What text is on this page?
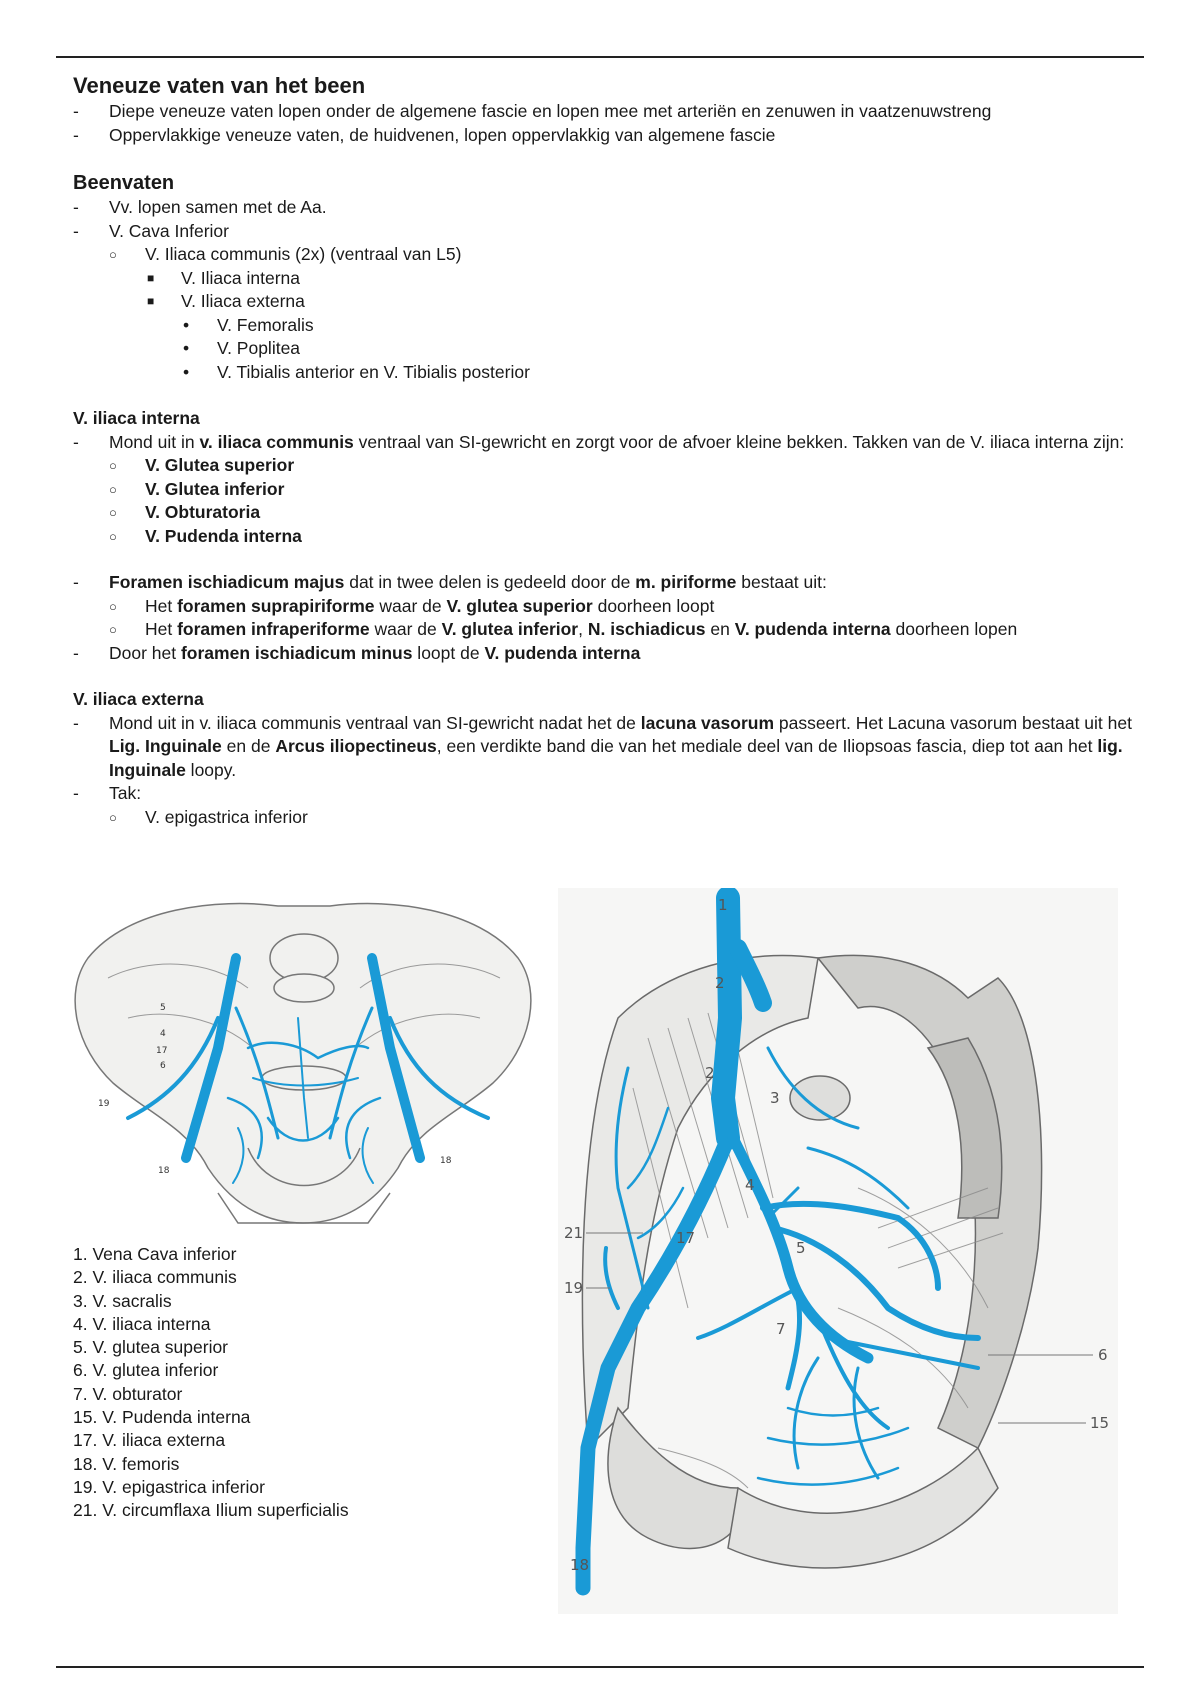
Veneuze vaten van het been
-	Diepe veneuze vaten lopen onder de algemene fascie en lopen mee met arteriën en zenuwen in vaatzenuwstreng
-	Oppervlakkige veneuze vaten, de huidvenen, lopen oppervlakkig van algemene fascie
Beenvaten
-	Vv. lopen samen met de Aa.
-	V. Cava Inferior
○	V. Iliaca communis (2x) (ventraal van L5)
■	V. Iliaca interna
■	V. Iliaca externa
•	V. Femoralis
•	V. Poplitea
•	V. Tibialis anterior en V. Tibialis posterior
V. iliaca interna
-	Mond uit in v. iliaca communis ventraal van SI-gewricht en zorgt voor de afvoer kleine bekken. Takken van de V. iliaca interna zijn:
○	V. Glutea superior
○	V. Glutea inferior
○	V. Obturatoria
○	V. Pudenda interna
-	Foramen ischiadicum majus dat in twee delen is gedeeld door de m. piriforme bestaat uit:
○	Het foramen suprapiriforme waar de V. glutea superior doorheen loopt
○	Het foramen infraperiforme waar de V. glutea inferior, N. ischiadicus en V. pudenda interna doorheen lopen
-	Door het foramen ischiadicum minus loopt de V. pudenda interna
V. iliaca externa
-	Mond uit in v. iliaca communis ventraal van SI-gewricht nadat het de lacuna vasorum passeert. Het Lacuna vasorum bestaat uit het Lig. Inguinale en de Arcus iliopectineus, een verdikte band die van het mediale deel van de Iliopsoas fascia, diep tot aan het lig. Inguinale loopy.
-	Tak:
○	V. epigastrica inferior
5
4
17
6
19
18
18
1. Vena Cava inferior
2. V. iliaca communis
3. V. sacralis
4. V. iliaca interna
5. V. glutea superior
6. V. glutea inferior
7. V. obturator
15. V. Pudenda interna
17. V. iliaca externa
18. V. femoris
19. V. epigastrica inferior
21. V. circumflaxa Ilium superficialis
1
2
2
3
4
5
17
21
19
7
6
15
18
